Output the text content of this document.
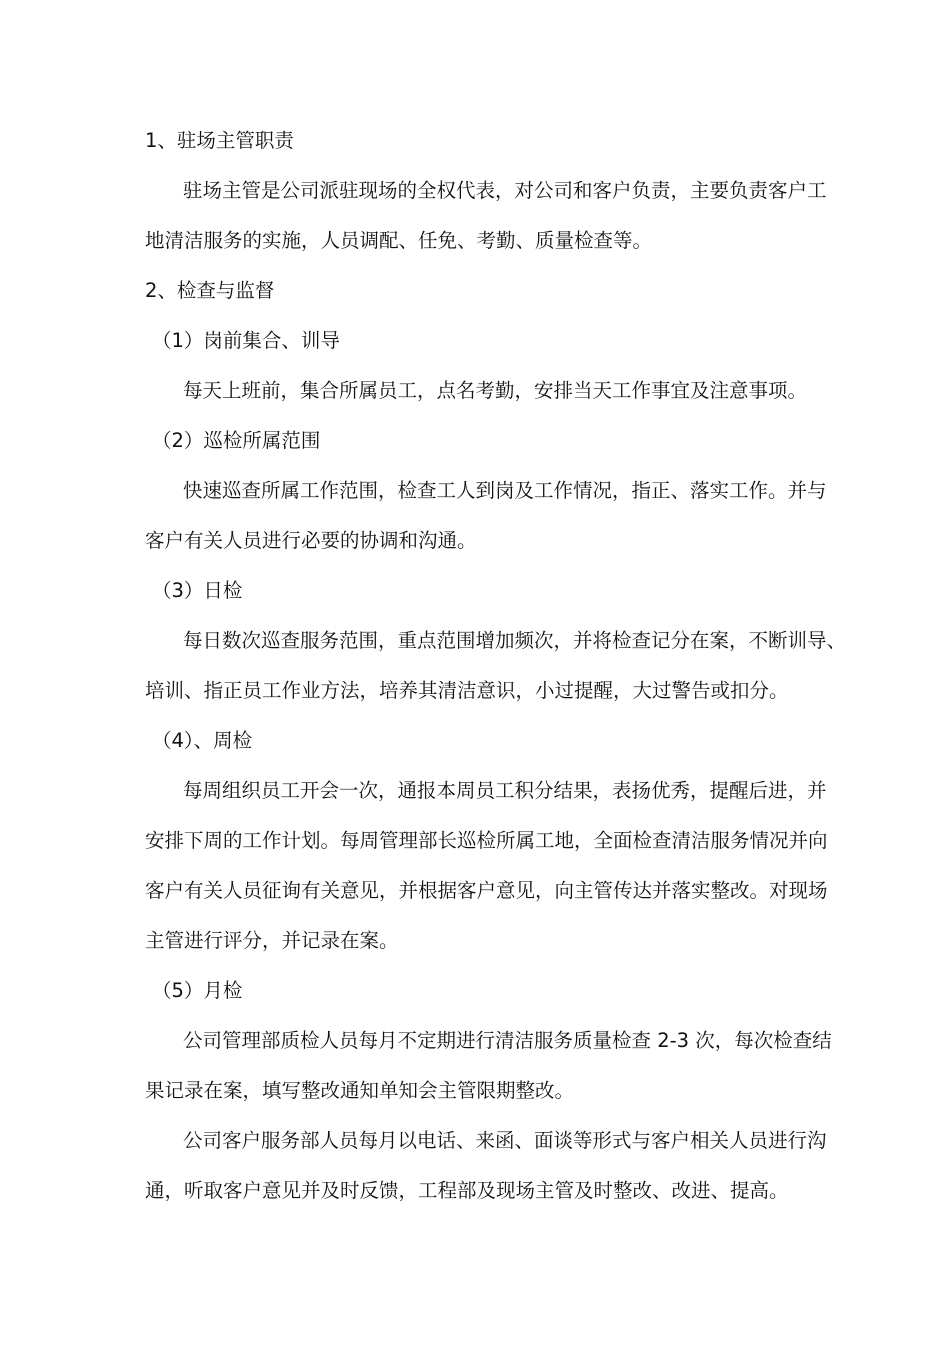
1、驻场主管职责

驻场主管是公司派驻现场的全权代表，对公司和客户负责，主要负责客户工

地清洁服务的实施，人员调配、任免、考勤、质量检查等。

2、检查与监督

（1）岗前集合、训导

每天上班前，集合所属员工，点名考勤，安排当天工作事宜及注意事项。

（2）巡检所属范围

快速巡查所属工作范围，检查工人到岗及工作情况，指正、落实工作。并与

客户有关人员进行必要的协调和沟通。

（3）日检

每日数次巡查服务范围，重点范围增加频次，并将检查记分在案，不断训导、

培训、指正员工作业方法，培养其清洁意识，小过提醒，大过警告或扣分。

（4）、周检

每周组织员工开会一次，通报本周员工积分结果，表扬优秀，提醒后进，并

安排下周的工作计划。每周管理部长巡检所属工地，全面检查清洁服务情况并向

客户有关人员征询有关意见，并根据客户意见，向主管传达并落实整改。对现场

主管进行评分，并记录在案。

（5）月检

公司管理部质检人员每月不定期进行清洁服务质量检查 2-3 次，每次检查结

果记录在案，填写整改通知单知会主管限期整改。

公司客户服务部人员每月以电话、来函、面谈等形式与客户相关人员进行沟

通，听取客户意见并及时反馈，工程部及现场主管及时整改、改进、提高。
